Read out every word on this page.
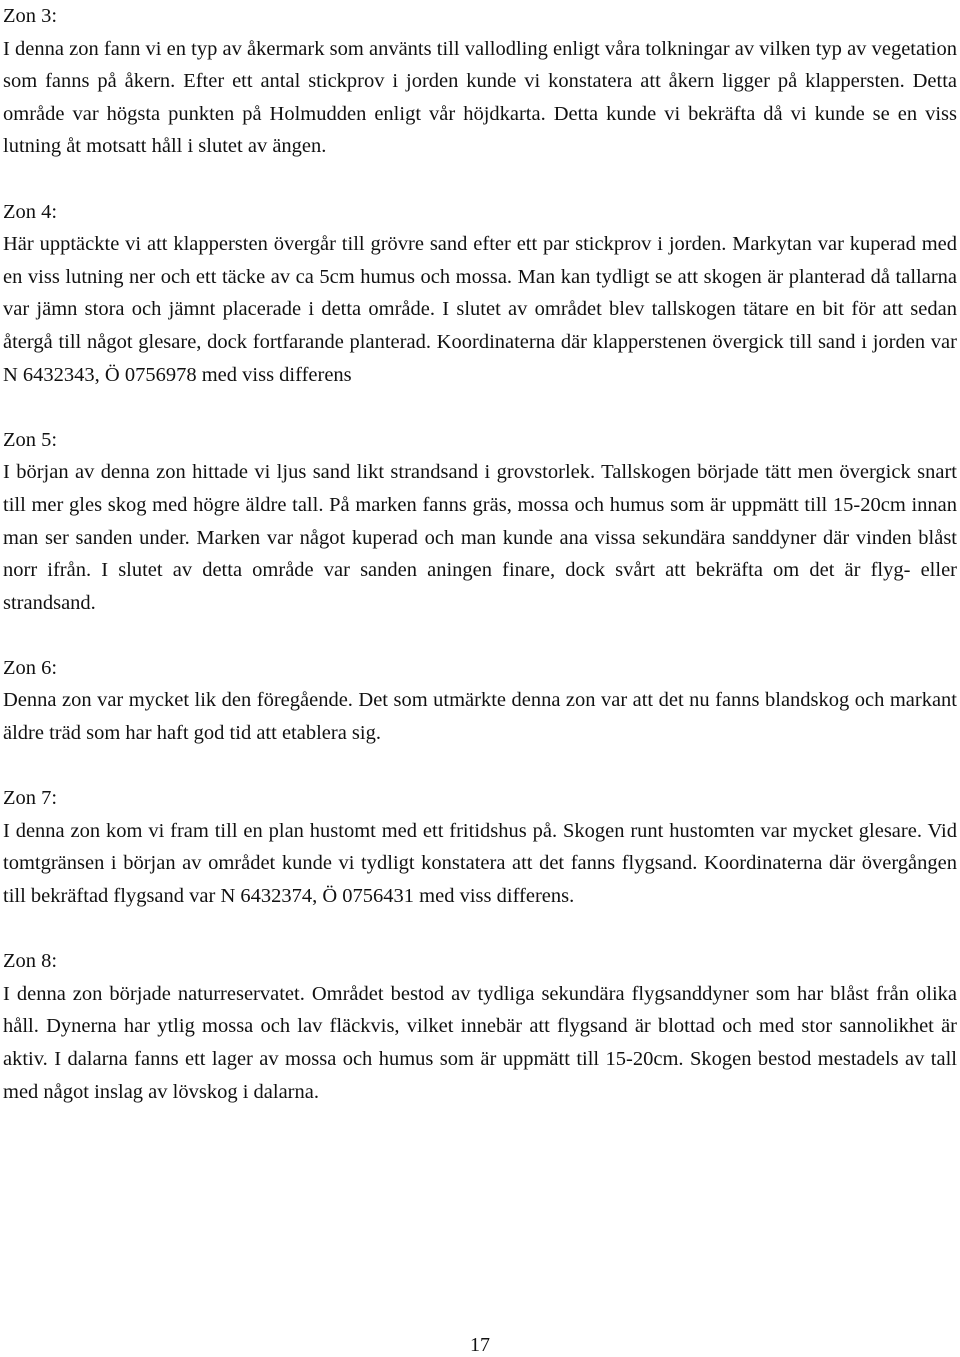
Zon 3:

I denna zon fann vi en typ av åkermark som använts till vallodling enligt våra tolkningar av vilken typ av vegetation som fanns på åkern. Efter ett antal stickprov i jorden kunde vi konstatera att åkern ligger på klappersten. Detta område var högsta punkten på Holmudden enligt vår höjdkarta. Detta kunde vi bekräfta då vi kunde se en viss lutning åt motsatt håll i slutet av ängen.

Zon 4:

Här upptäckte vi att klappersten övergår till grövre sand efter ett par stickprov i jorden. Markytan var kuperad med en viss lutning ner och ett täcke av ca 5cm humus och mossa. Man kan tydligt se att skogen är planterad då tallarna var jämn stora och jämnt placerade i detta område. I slutet av området blev tallskogen tätare en bit för att sedan återgå till något glesare, dock fortfarande planterad. Koordinaterna där klapperstenen övergick till sand i jorden var N 6432343, Ö 0756978 med viss differens

Zon 5:

I början av denna zon hittade vi ljus sand likt strandsand i grovstorlek. Tallskogen började tätt men övergick snart till mer gles skog med högre äldre tall. På marken fanns gräs, mossa och humus som är uppmätt till 15-20cm innan man ser sanden under. Marken var något kuperad och man kunde ana vissa sekundära sanddyner där vinden blåst norr ifrån. I slutet av detta område var sanden aningen finare, dock svårt att bekräfta om det är flyg- eller strandsand.

Zon 6:

Denna zon var mycket lik den föregående. Det som utmärkte denna zon var att det nu fanns blandskog och markant äldre träd som har haft god tid att etablera sig.

Zon 7:

I denna zon kom vi fram till en plan hustomt med ett fritidshus på. Skogen runt hustomten var mycket glesare. Vid tomtgränsen i början av området kunde vi tydligt konstatera att det fanns flygsand. Koordinaterna där övergången till bekräftad flygsand var N 6432374, Ö 0756431 med viss differens.

Zon 8:

I denna zon började naturreservatet. Området bestod av tydliga sekundära flygsanddyner som har blåst från olika håll. Dynerna har ytlig mossa och lav fläckvis, vilket innebär att flygsand är blottad och med stor sannolikhet är aktiv. I dalarna fanns ett lager av mossa och humus som är uppmätt till 15-20cm. Skogen bestod mestadels av tall med något inslag av lövskog i dalarna.

17
